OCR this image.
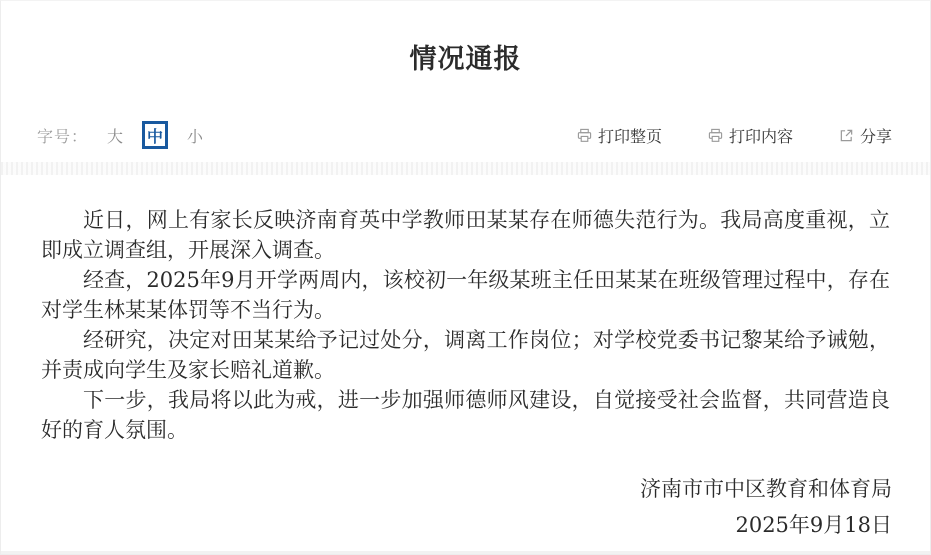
情况通报
字号：	大	中	小	打印整页	打印内容	分享

近日，网上有家长反映济南育英中学教师田某某存在师德失范行为。我局高度重视，立即成立调查组，开展深入调查。

经查，2025年9月开学两周内，该校初一年级某班主任田某某在班级管理过程中，存在对学生林某某体罚等不当行为。

经研究，决定对田某某给予记过处分，调离工作岗位；对学校党委书记黎某给予诫勉，并责成向学生及家长赔礼道歉。

下一步，我局将以此为戒，进一步加强师德师风建设，自觉接受社会监督，共同营造良好的育人氛围。

济南市市中区教育和体育局
2025年9月18日
